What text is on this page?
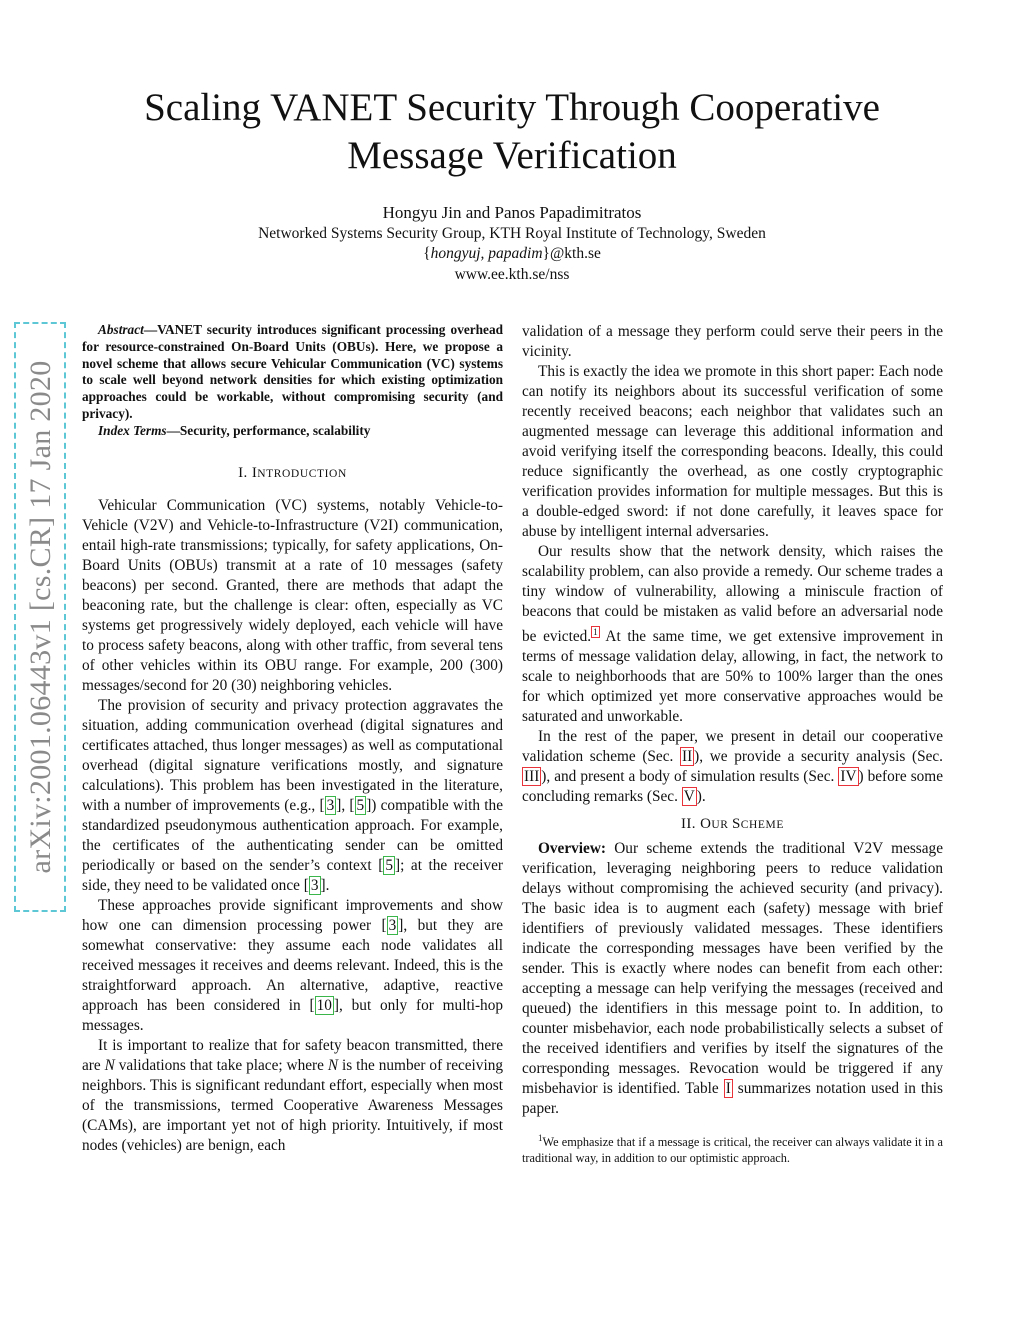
arXiv:2001.06443v1 [cs.CR] 17 Jan 2020
Scaling VANET Security Through Cooperative
Message Verification
Hongyu Jin and Panos Papadimitratos
Networked Systems Security Group, KTH Royal Institute of Technology, Sweden
{hongyuj, papadim}@kth.se
www.ee.kth.se/nss
Abstract—VANET security introduces significant processing overhead for resource-constrained On-Board Units (OBUs). Here, we propose a novel scheme that allows secure Vehicular Communication (VC) systems to scale well beyond network densities for which existing optimization approaches could be workable, without compromising security (and privacy).
Index Terms—Security, performance, scalability
I. INTRODUCTION

Vehicular Communication (VC) systems, notably Vehicle-to-Vehicle (V2V) and Vehicle-to-Infrastructure (V2I) communication, entail high-rate transmissions; typically, for safety applications, On-Board Units (OBUs) transmit at a rate of 10 messages (safety beacons) per second. Granted, there are methods that adapt the beaconing rate, but the challenge is clear: often, especially as VC systems get progressively widely deployed, each vehicle will have to process safety beacons, along with other traffic, from several tens of other vehicles within its OBU range. For example, 200 (300) messages/second for 20 (30) neighboring vehicles.

The provision of security and privacy protection aggravates the situation, adding communication overhead (digital signatures and certificates attached, thus longer messages) as well as computational overhead (digital signature verifications mostly, and signature calculations). This problem has been investigated in the literature, with a number of improvements (e.g., [ 3 ], [ 5 ]) compatible with the standardized pseudonymous authentication approach. For example, the certificates of the authenticating sender can be omitted periodically or based on the sender’s context [ 5 ]; at the receiver side, they need to be validated once [ 3 ].

These approaches provide significant improvements and show how one can dimension processing power [ 3 ], but they are somewhat conservative: they assume each node validates all received messages it receives and deems relevant. Indeed, this is the straightforward approach. An alternative, adaptive, reactive approach has been considered in [ 10 ], but only for multi-hop messages.

It is important to realize that for safety beacon transmitted, there are N validations that take place; where N is the number of receiving neighbors. This is significant redundant effort, especially when most of the transmissions, termed Cooperative Awareness Messages (CAMs), are important yet not of high priority. Intuitively, if most nodes (vehicles) are benign, each

validation of a message they perform could serve their peers in the vicinity.

This is exactly the idea we promote in this short paper: Each node can notify its neighbors about its successful verification of some recently received beacons; each neighbor that validates such an augmented message can leverage this additional information and avoid verifying itself the corresponding beacons. Ideally, this could reduce significantly the overhead, as one costly cryptographic verification provides information for multiple messages. But this is a double-edged sword: if not done carefully, it leaves space for abuse by intelligent internal adversaries.

Our results show that the network density, which raises the scalability problem, can also provide a remedy. Our scheme trades a tiny window of vulnerability, allowing a miniscule fraction of beacons that could be mistaken as valid before an adversarial node be evicted. $^1$ At the same time, we get extensive improvement in terms of message validation delay, allowing, in fact, the network to scale to neighborhoods that are 50% to 100% larger than the ones for which optimized yet more conservative approaches would be saturated and unworkable.

In the rest of the paper, we present in detail our cooperative validation scheme (Sec. II ), we provide a security analysis (Sec. III ), and present a body of simulation results (Sec. IV ) before some concluding remarks (Sec. V ).

II. OUR SCHEME

Overview: Our scheme extends the traditional V2V message verification, leveraging neighboring peers to reduce validation delays without compromising the achieved security (and privacy). The basic idea is to augment each (safety) message with brief identifiers of previously validated messages. These identifiers indicate the corresponding messages have been verified by the sender. This is exactly where nodes can benefit from each other: accepting a message can help verifying the messages (received and queued) the identifiers in this message point to. In addition, to counter misbehavior, each node probabilistically selects a subset of the received identifiers and verifies by itself the signatures of the corresponding messages. Revocation would be triggered if any misbehavior is identified. Table I summarizes notation used in this paper.

$^1$We emphasize that if a message is critical, the receiver can always validate it in a traditional way, in addition to our optimistic approach.
